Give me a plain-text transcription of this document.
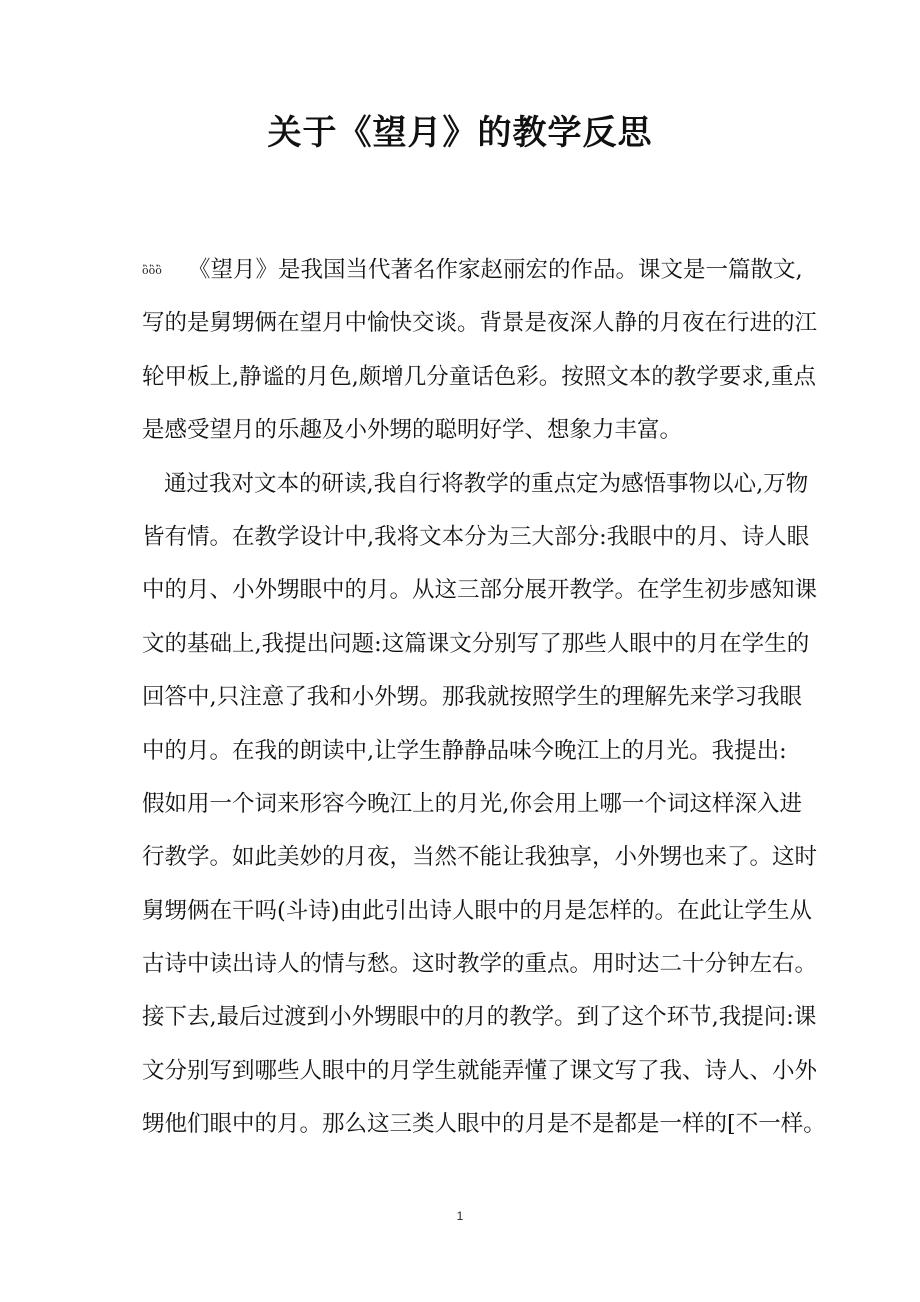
关于《望月》的教学反思
ὂὂὂ 《望月》是我国当代著名作家赵丽宏的作品。课文是一篇散文,
写的是舅甥俩在望月中愉快交谈。背景是夜深人静的月夜在行进的江
轮甲板上,静谧的月色,颇增几分童话色彩。按照文本的教学要求,重点
是感受望月的乐趣及小外甥的聪明好学、想象力丰富。
通过我对文本的研读,我自行将教学的重点定为感悟事物以心,万物
皆有情。在教学设计中,我将文本分为三大部分:我眼中的月、诗人眼
中的月、小外甥眼中的月。从这三部分展开教学。在学生初步感知课
文的基础上,我提出问题:这篇课文分别写了那些人眼中的月在学生的
回答中,只注意了我和小外甥。那我就按照学生的理解先来学习我眼
中的月。在我的朗读中,让学生静静品味今晚江上的月光。我提出:
假如用一个词来形容今晚江上的月光,你会用上哪一个词这样深入进
行教学。如此美妙的月夜，当然不能让我独享，小外甥也来了。这时
舅甥俩在干吗(斗诗)由此引出诗人眼中的月是怎样的。在此让学生从
古诗中读出诗人的情与愁。这时教学的重点。用时达二十分钟左右。
接下去,最后过渡到小外甥眼中的月的教学。到了这个环节,我提问:课
文分别写到哪些人眼中的月学生就能弄懂了课文写了我、诗人、小外
甥他们眼中的月。那么这三类人眼中的月是不是都是一样的[不一样。
1
